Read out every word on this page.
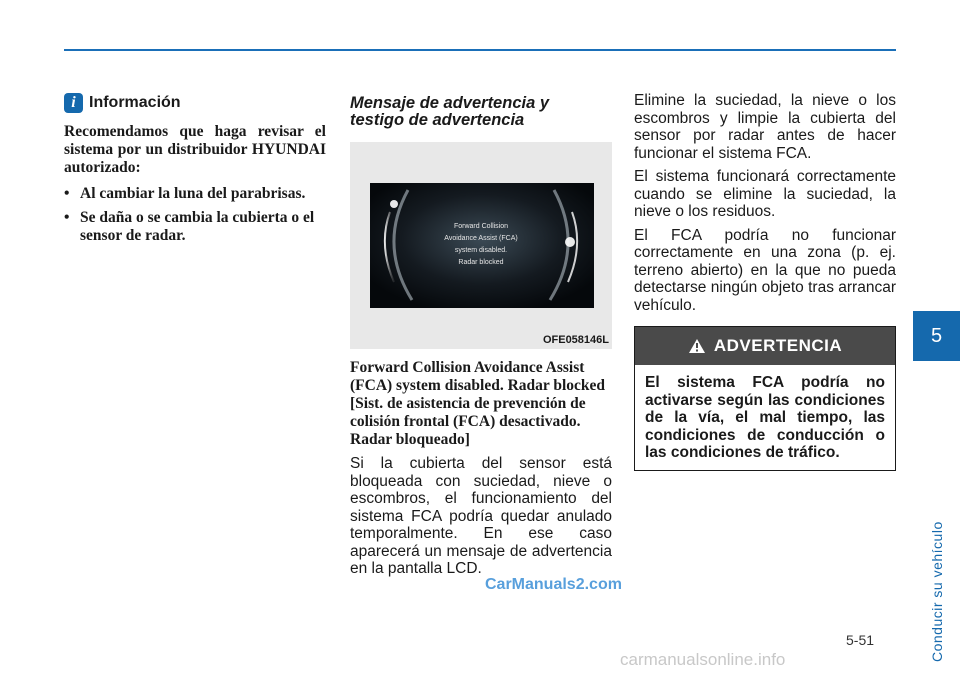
5
Conducir su vehículo
i Información
Recomendamos que haga revisar el sistema por un distribuidor HYUNDAI autorizado:
• Al cambiar la luna del parabrisas.
• Se daña o se cambia la cubierta o el sensor de radar.
Mensaje de advertencia y
testigo de advertencia
Forward Collision
Avoidance Assist (FCA)
system disabled.
Radar blocked
OFE058146L
Forward Collision Avoidance Assist (FCA) system disabled. Radar blocked [Sist. de asistencia de prevención de colisión frontal (FCA) desactivado. Radar bloqueado]

Si la cubierta del sensor está bloqueada con suciedad, nieve o escombros, el funcionamiento del sistema FCA podría quedar anulado temporalmente. En ese caso aparecerá un mensaje de advertencia en la pantalla LCD.

Elimine la suciedad, la nieve o los escombros y limpie la cubierta del sensor por radar antes de hacer funcionar el sistema FCA.

El sistema funcionará correctamente cuando se elimine la suciedad, la nieve o los residuos.

El FCA podría no funcionar correctamente en una zona (p. ej. terreno abierto) en la que no pueda detectarse ningún objeto tras arrancar vehículo.

ADVERTENCIA
El sistema FCA podría no activarse según las condiciones de la vía, el mal tiempo, las condiciones de conducción o las condiciones de tráfico.
5-51
CarManuals2.com
carmanualsonline.info
